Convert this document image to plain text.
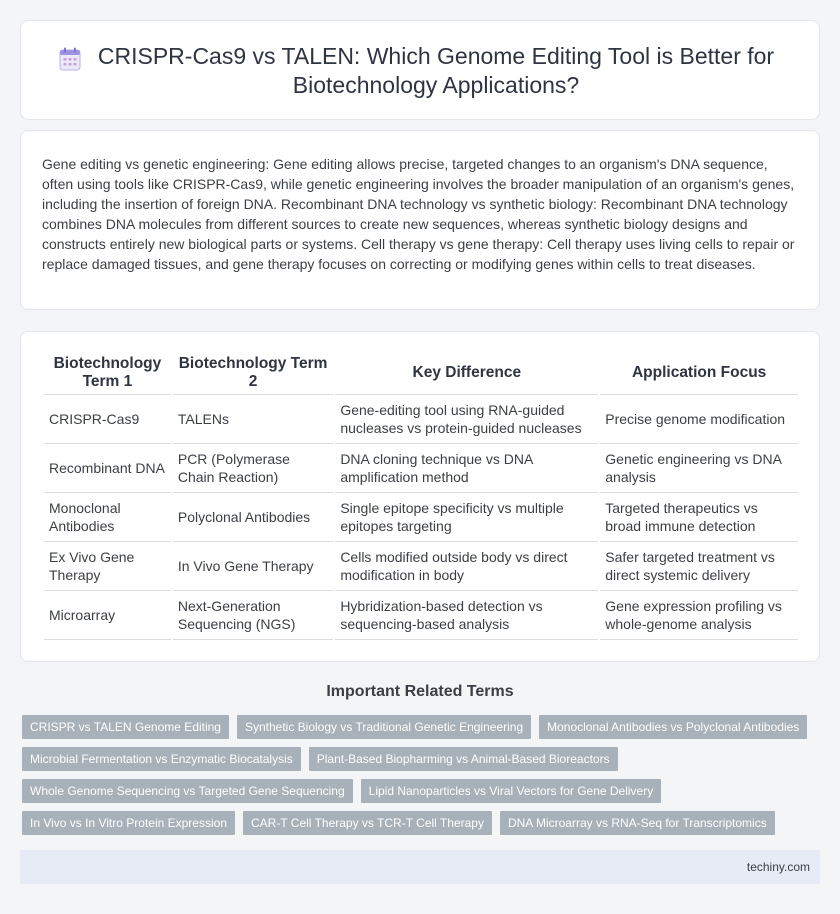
CRISPR-Cas9 vs TALEN: Which Genome Editing Tool is Better for Biotechnology Applications?

Gene editing vs genetic engineering: Gene editing allows precise, targeted changes to an organism's DNA sequence, often using tools like CRISPR-Cas9, while genetic engineering involves the broader manipulation of an organism's genes, including the insertion of foreign DNA. Recombinant DNA technology vs synthetic biology: Recombinant DNA technology combines DNA molecules from different sources to create new sequences, whereas synthetic biology designs and constructs entirely new biological parts or systems. Cell therapy vs gene therapy: Cell therapy uses living cells to repair or replace damaged tissues, and gene therapy focuses on correcting or modifying genes within cells to treat diseases.

Biotechnology Term 1	Biotechnology Term 2	Key Difference	Application Focus
CRISPR-Cas9	TALENs	Gene-editing tool using RNA-guided nucleases vs protein-guided nucleases	Precise genome modification
Recombinant DNA	PCR (Polymerase Chain Reaction)	DNA cloning technique vs DNA amplification method	Genetic engineering vs DNA analysis
Monoclonal Antibodies	Polyclonal Antibodies	Single epitope specificity vs multiple epitopes targeting	Targeted therapeutics vs broad immune detection
Ex Vivo Gene Therapy	In Vivo Gene Therapy	Cells modified outside body vs direct modification in body	Safer targeted treatment vs direct systemic delivery
Microarray	Next-Generation Sequencing (NGS)	Hybridization-based detection vs sequencing-based analysis	Gene expression profiling vs whole-genome analysis
Important Related Terms
CRISPR vs TALEN Genome Editing	Synthetic Biology vs Traditional Genetic Engineering	Monoclonal Antibodies vs Polyclonal Antibodies
Microbial Fermentation vs Enzymatic Biocatalysis	Plant-Based Biopharming vs Animal-Based Bioreactors
Whole Genome Sequencing vs Targeted Gene Sequencing	Lipid Nanoparticles vs Viral Vectors for Gene Delivery
In Vivo vs In Vitro Protein Expression	CAR-T Cell Therapy vs TCR-T Cell Therapy	DNA Microarray vs RNA-Seq for Transcriptomics
techiny.com
